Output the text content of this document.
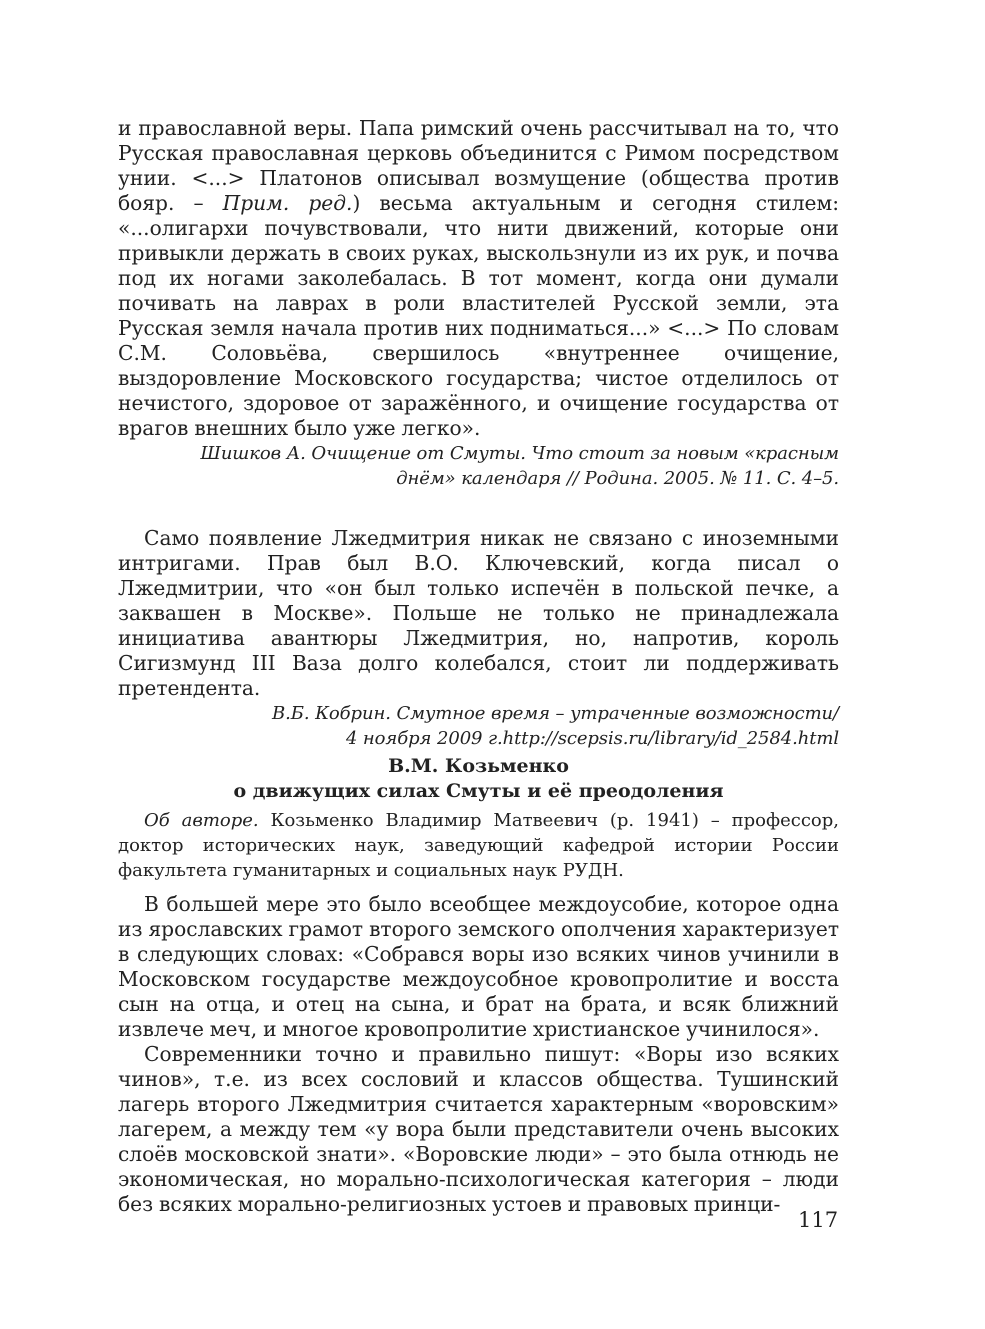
и православной веры. Папа римский очень рассчитывал на то, что Русская православная церковь объединится с Римом посредством унии. <...> Платонов описывал возмущение (общества против бояр. – Прим. ред.) весьма актуальным и сегодня стилем: «...олигархи почувствовали, что нити движений, которые они привыкли держать в своих руках, выскользнули из их рук, и почва под их ногами заколебалась. В тот момент, когда они думали почивать на лаврах в роли властителей Русской земли, эта Русская земля начала против них подниматься...» <...> По словам С.М. Соловьёва, свершилось «внутреннее очищение, выздоровление Московского государства; чистое отделилось от нечистого, здоровое от заражённого, и очищение государства от врагов внешних было уже легко».

Шишков А. Очищение от Смуты. Что стоит за новым «красным
днём» календаря // Родина. 2005. № 11. С. 4–5.

Само появление Лжедмитрия никак не связано с иноземными интригами. Прав был В.О. Ключевский, когда писал о Лжедмитрии, что «он был только испечён в польской печке, а заквашен в Москве». Польше не только не принадлежала инициатива авантюры Лжедмитрия, но, напротив, король Сигизмунд III Ваза долго колебался, стоит ли поддерживать претендента.

В.Б. Кобрин. Смутное время – утраченные возможности/
4 ноября 2009 г.http://scepsis.ru/library/id_2584.html

В.М. Козьменко

о движущих силах Смуты и её преодоления

Об авторе. Козьменко Владимир Матвеевич (р. 1941) – профессор, доктор исторических наук, заведующий кафедрой истории России факультета гуманитарных и социальных наук РУДН.

В большей мере это было всеобщее междоусобие, которое одна из ярославских грамот второго земского ополчения характеризует в следующих словах: «Собрався воры изо всяких чинов учинили в Московском государстве междоусобное кровопролитие и восста сын на отца, и отец на сына, и брат на брата, и всяк ближний извлече меч, и многое кровопролитие христианское учинилося».

Современники точно и правильно пишут: «Воры изо всяких чинов», т.е. из всех сословий и классов общества. Тушинский лагерь второго Лжедмитрия считается характерным «воровским» лагерем, а между тем «у вора были представители очень высоких слоёв московской знати». «Воровские люди» – это была отнюдь не экономическая, но морально-психологическая категория – люди без всяких морально-религиозных устоев и правовых принци-

117
